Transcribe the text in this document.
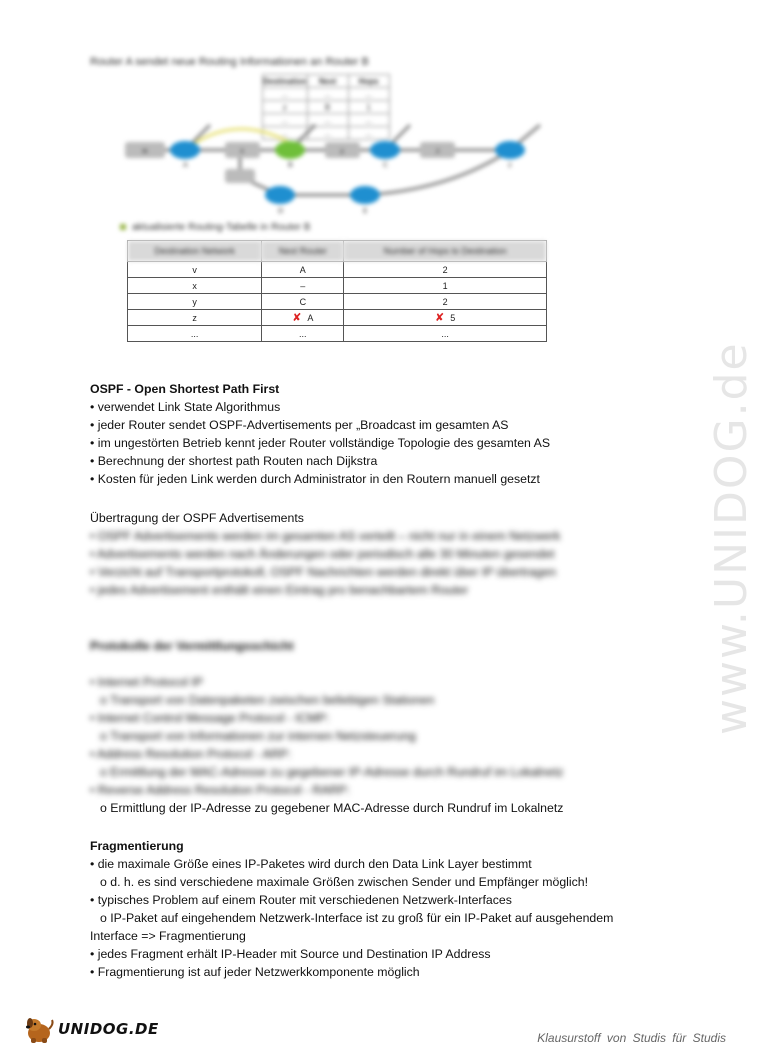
Router A sendet neue Routing Informationen an Router B
Destination	Next	Hops
...	...	...
z	B	1
...	...	...
...	...	...
w
A
x
B	C
y	z
z
D	E
aktualisierte Routing-Tabelle in Router B
Destination Network	Next Router	Number of Hops to Destination
v	A	2
x	–	1
y	C	2
z	✘ A	✘ 5
...	...	...
OSPF - Open Shortest Path First
• verwendet Link State Algorithmus
• jeder Router sendet OSPF-Advertisements per „Broadcast im gesamten AS
• im ungestörten Betrieb kennt jeder Router vollständige Topologie des gesamten AS
• Berechnung der shortest path Routen nach Dijkstra
• Kosten für jeden Link werden durch Administrator in den Routern manuell gesetzt
Übertragung der OSPF Advertisements
• OSPF Advertisements werden im gesamten AS verteilt – nicht nur in einem Netzwerk
• Advertisements werden nach Änderungen oder periodisch alle 30 Minuten gesendet
• Verzicht auf Transportprotokoll, OSPF Nachrichten werden direkt über IP übertragen
• jedes Advertisement enthält einen Eintrag pro benachbartem Router
Protokolle der Vermittlungsschicht
• Internet Protocol IP
o Transport von Datenpaketen zwischen beliebigen Stationen
• Internet Control Message Protocol - ICMP:
o Transport von Informationen zur internen Netzsteuerung
• Address Resolution Protocol - ARP:
o Ermittlung der MAC-Adresse zu gegebener IP-Adresse durch Rundruf im Lokalnetz
• Reverse Address Resolution Protocol - RARP:
o Ermittlung der IP-Adresse zu gegebener MAC-Adresse durch Rundruf im Lokalnetz
Fragmentierung
• die maximale Größe eines IP-Paketes wird durch den Data Link Layer bestimmt
o d. h. es sind verschiedene maximale Größen zwischen Sender und Empfänger möglich!
• typisches Problem auf einem Router mit verschiedenen Netzwerk-Interfaces
o IP-Paket auf eingehendem Netzwerk-Interface ist zu groß für ein IP-Paket auf ausgehendem
Interface => Fragmentierung
• jedes Fragment erhält IP-Header mit Source und Destination IP Address
• Fragmentierung ist auf jeder Netzwerkkomponente möglich
www.UNIDOG.de
UNIDOG.DE	Klausurstoff von Studis für Studis
